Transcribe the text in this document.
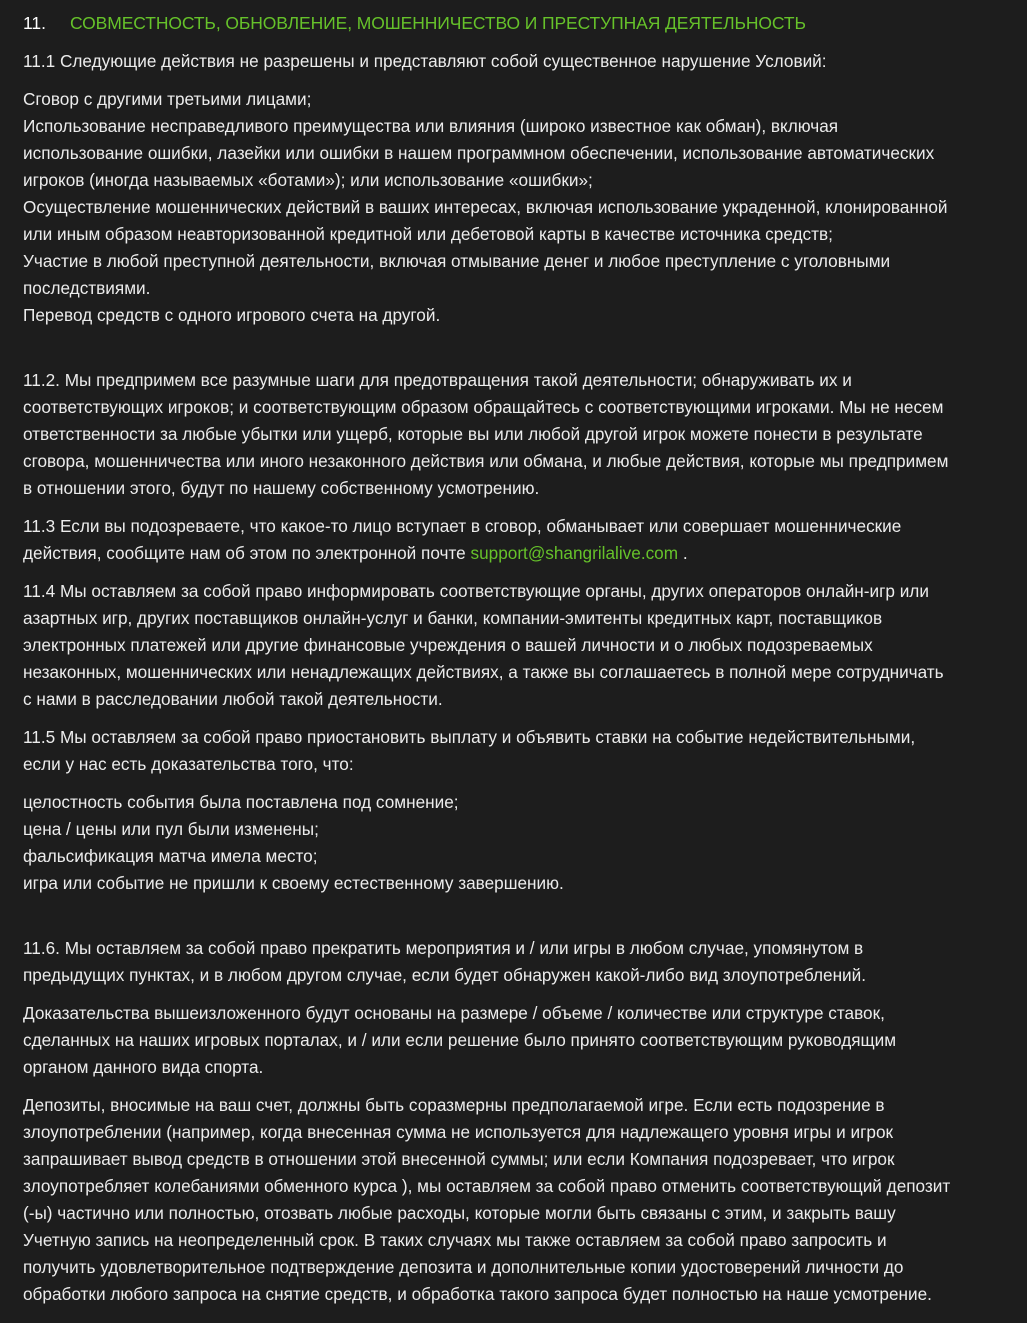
11.	СОВМЕСТНОСТЬ, ОБНОВЛЕНИЕ, МОШЕННИЧЕСТВО И ПРЕСТУПНАЯ ДЕЯТЕЛЬНОСТЬ

11.1 Следующие действия не разрешены и представляют собой существенное нарушение Условий:

Сговор с другими третьими лицами;
Использование несправедливого преимущества или влияния (широко известное как обман), включая
использование ошибки, лазейки или ошибки в нашем программном обеспечении, использование автоматических
игроков (иногда называемых «ботами»); или использование «ошибки»;
Осуществление мошеннических действий в ваших интересах, включая использование украденной, клонированной
или иным образом неавторизованной кредитной или дебетовой карты в качестве источника средств;
Участие в любой преступной деятельности, включая отмывание денег и любое преступление с уголовными
последствиями.
Перевод средств с одного игрового счета на другой.

11.2. Мы предпримем все разумные шаги для предотвращения такой деятельности; обнаруживать их и
соответствующих игроков; и соответствующим образом обращайтесь с соответствующими игроками. Мы не несем
ответственности за любые убытки или ущерб, которые вы или любой другой игрок можете понести в результате
сговора, мошенничества или иного незаконного действия или обмана, и любые действия, которые мы предпримем
в отношении этого, будут по нашему собственному усмотрению.

11.3 Если вы подозреваете, что какое-то лицо вступает в сговор, обманывает или совершает мошеннические
действия, сообщите нам об этом по электронной почте support@shangrilalive.com .

11.4 Мы оставляем за собой право информировать соответствующие органы, других операторов онлайн-игр или
азартных игр, других поставщиков онлайн-услуг и банки, компании-эмитенты кредитных карт, поставщиков
электронных платежей или другие финансовые учреждения о вашей личности и о любых подозреваемых
незаконных, мошеннических или ненадлежащих действиях, а также вы соглашаетесь в полной мере сотрудничать
с нами в расследовании любой такой деятельности.

11.5 Мы оставляем за собой право приостановить выплату и объявить ставки на событие недействительными,
если у нас есть доказательства того, что:

целостность события была поставлена под сомнение;
цена / цены или пул были изменены;
фальсификация матча имела место;
игра или событие не пришли к своему естественному завершению.

11.6. Мы оставляем за собой право прекратить мероприятия и / или игры в любом случае, упомянутом в
предыдущих пунктах, и в любом другом случае, если будет обнаружен какой-либо вид злоупотреблений.

Доказательства вышеизложенного будут основаны на размере / объеме / количестве или структуре ставок,
сделанных на наших игровых порталах, и / или если решение было принято соответствующим руководящим
органом данного вида спорта.

Депозиты, вносимые на ваш счет, должны быть соразмерны предполагаемой игре. Если есть подозрение в
злоупотреблении (например, когда внесенная сумма не используется для надлежащего уровня игры и игрок
запрашивает вывод средств в отношении этой внесенной суммы; или если Компания подозревает, что игрок
злоупотребляет колебаниями обменного курса ), мы оставляем за собой право отменить соответствующий депозит
(-ы) частично или полностью, отозвать любые расходы, которые могли быть связаны с этим, и закрыть вашу
Учетную запись на неопределенный срок. В таких случаях мы также оставляем за собой право запросить и
получить удовлетворительное подтверждение депозита и дополнительные копии удостоверений личности до
обработки любого запроса на снятие средств, и обработка такого запроса будет полностью на наше усмотрение.
